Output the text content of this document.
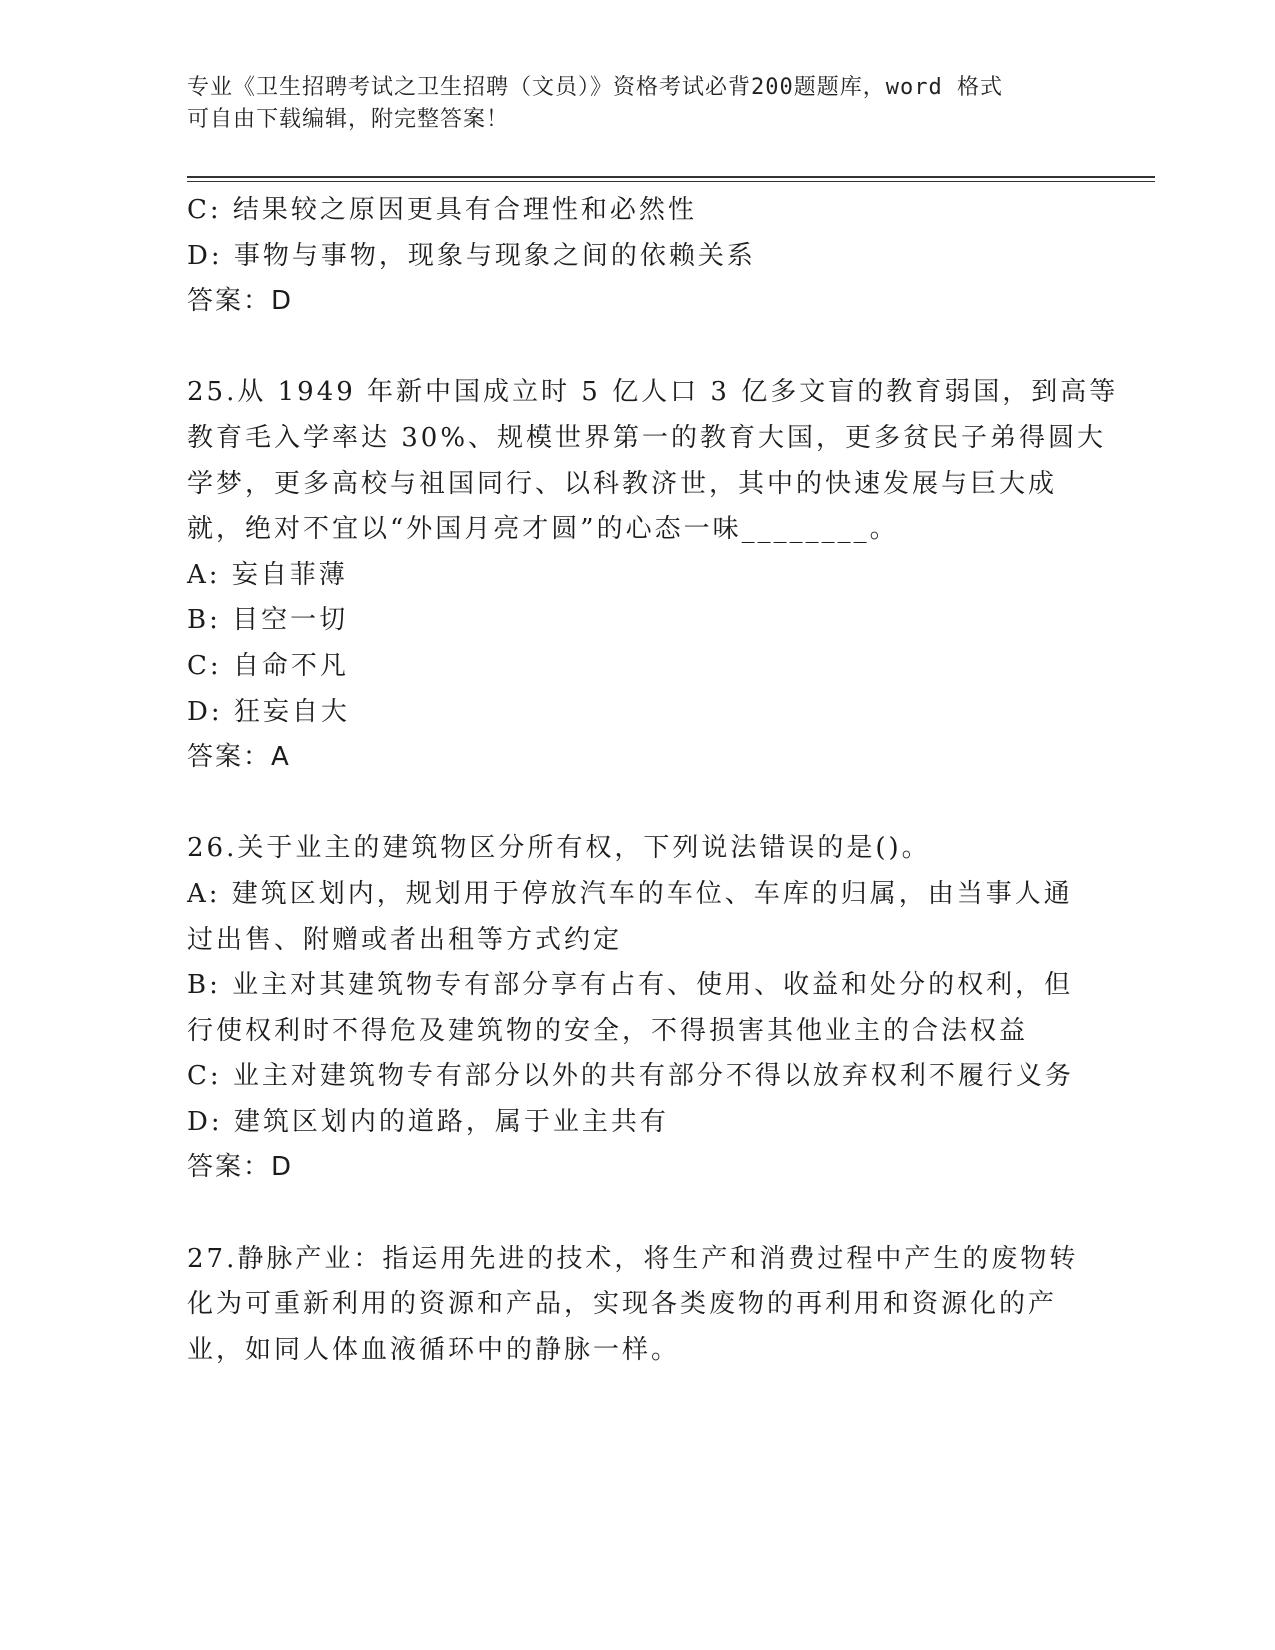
专业《卫生招聘考试之卫生招聘（文员）》资格考试必背200题题库，word 格式
可自由下载编辑，附完整答案！
C: 结果较之原因更具有合理性和必然性
D: 事物与事物，现象与现象之间的依赖关系
答案：D
25.从 1949 年新中国成立时 5 亿人口 3 亿多文盲的教育弱国，到高等
教育毛入学率达 30%、规模世界第一的教育大国，更多贫民子弟得圆大
学梦，更多高校与祖国同行、以科教济世，其中的快速发展与巨大成
就，绝对不宜以“外国月亮才圆”的心态一味________。
A: 妄自菲薄
B: 目空一切
C: 自命不凡
D: 狂妄自大
答案：A
26.关于业主的建筑物区分所有权，下列说法错误的是()。
A: 建筑区划内，规划用于停放汽车的车位、车库的归属，由当事人通
过出售、附赠或者出租等方式约定
B: 业主对其建筑物专有部分享有占有、使用、收益和处分的权利，但
行使权利时不得危及建筑物的安全，不得损害其他业主的合法权益
C: 业主对建筑物专有部分以外的共有部分不得以放弃权利不履行义务
D: 建筑区划内的道路，属于业主共有
答案：D
27.静脉产业：指运用先进的技术，将生产和消费过程中产生的废物转
化为可重新利用的资源和产品，实现各类废物的再利用和资源化的产
业，如同人体血液循环中的静脉一样。
